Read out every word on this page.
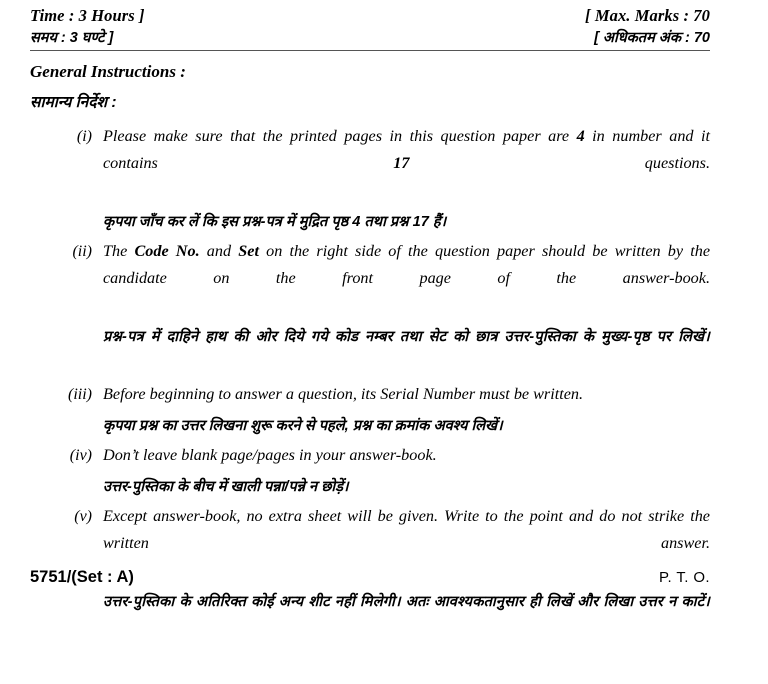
Time : 3 Hours ]	[ Max. Marks : 70
समय : 3 घण्टे ]	[ अधिकतम अंक : 70
General Instructions :
सामान्य निर्देश :
(i) Please make sure that the printed pages in this question paper are 4 in number and it contains 17 questions.
कृपया जाँच कर लें कि इस प्रश्न-पत्र में मुद्रित पृष्ठ 4 तथा प्रश्न 17 हैं।
(ii) The Code No. and Set on the right side of the question paper should be written by the candidate on the front page of the answer-book.
प्रश्न-पत्र में दाहिने हाथ की ओर दिये गये कोड नम्बर तथा सेट को छात्र उत्तर-पुस्तिका के मुख्य-पृष्ठ पर लिखें।
(iii) Before beginning to answer a question, its Serial Number must be written.
कृपया प्रश्न का उत्तर लिखना शुरू करने से पहले, प्रश्न का क्रमांक अवश्य लिखें।
(iv) Don’t leave blank page/pages in your answer-book.
उत्तर-पुस्तिका के बीच में खाली पन्ना/पन्ने न छोड़ें।
(v) Except answer-book, no extra sheet will be given. Write to the point and do not strike the written answer.
उत्तर-पुस्तिका के अतिरिक्त कोई अन्य शीट नहीं मिलेगी। अतः आवश्यकतानुसार ही लिखें और लिखा उत्तर न काटें।
5751/(Set : A)	P. T. O.
